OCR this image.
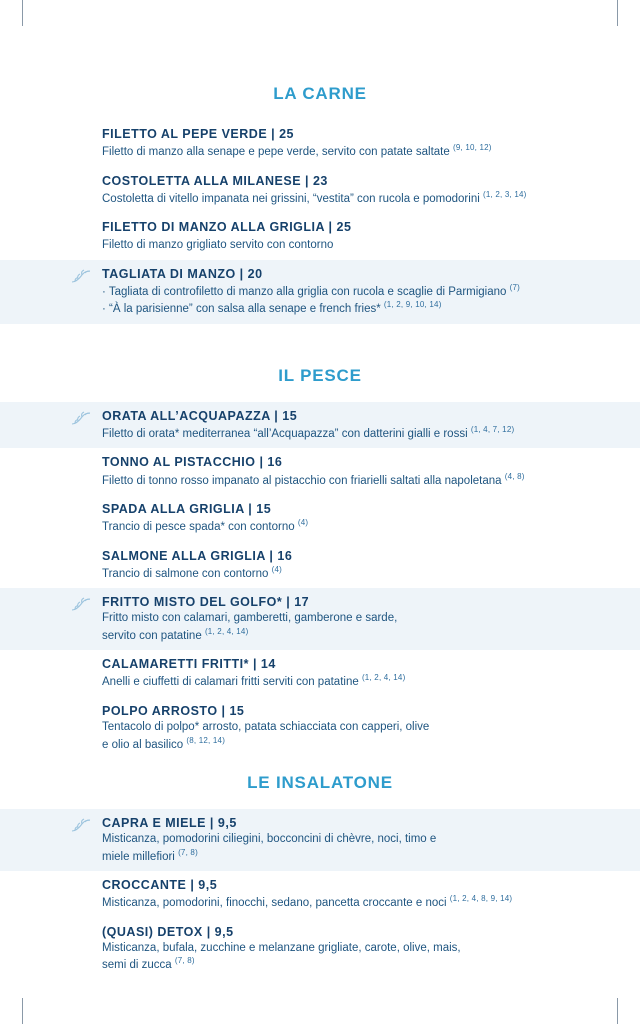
LA CARNE
FILETTO AL PEPE VERDE | 25
Filetto di manzo alla senape e pepe verde, servito con patate saltate $^{(9, 10, 12)}$
COSTOLETTA ALLA MILANESE | 23
Costoletta di vitello impanata nei grissini, “vestita” con rucola e pomodorini $^{(1, 2, 3, 14)}$
FILETTO DI MANZO ALLA GRIGLIA | 25
Filetto di manzo grigliato servito con contorno
TAGLIATA DI MANZO | 20
· Tagliata di controfiletto di manzo alla griglia con rucola e scaglie di Parmigiano $^{(7)}$
· “À la parisienne” con salsa alla senape e french fries* $^{(1, 2, 9, 10, 14)}$
IL PESCE
ORATA ALL’ACQUAPAZZA | 15
Filetto di orata* mediterranea “all’Acquapazza” con datterini gialli e rossi $^{(1, 4, 7, 12)}$
TONNO AL PISTACCHIO | 16
Filetto di tonno rosso impanato al pistacchio con friarielli saltati alla napoletana $^{(4, 8)}$
SPADA ALLA GRIGLIA | 15
Trancio di pesce spada* con contorno $^{(4)}$
SALMONE ALLA GRIGLIA | 16
Trancio di salmone con contorno $^{(4)}$
FRITTO MISTO DEL GOLFO* | 17
Fritto misto con calamari, gamberetti, gamberone e sarde,
servito con patatine $^{(1, 2, 4, 14)}$
CALAMARETTI FRITTI* | 14
Anelli e ciuffetti di calamari fritti serviti con patatine $^{(1, 2, 4, 14)}$
POLPO ARROSTO | 15
Tentacolo di polpo* arrosto, patata schiacciata con capperi, olive
e olio al basilico $^{(8, 12, 14)}$
LE INSALATONE
CAPRA E MIELE | 9,5
Misticanza, pomodorini ciliegini, bocconcini di chèvre, noci, timo e
miele millefiori $^{(7, 8)}$
CROCCANTE | 9,5
Misticanza, pomodorini, finocchi, sedano, pancetta croccante e noci $^{(1, 2, 4, 8, 9, 14)}$
(QUASI) DETOX | 9,5
Misticanza, bufala, zucchine e melanzane grigliate, carote, olive, mais,
semi di zucca $^{(7, 8)}$
